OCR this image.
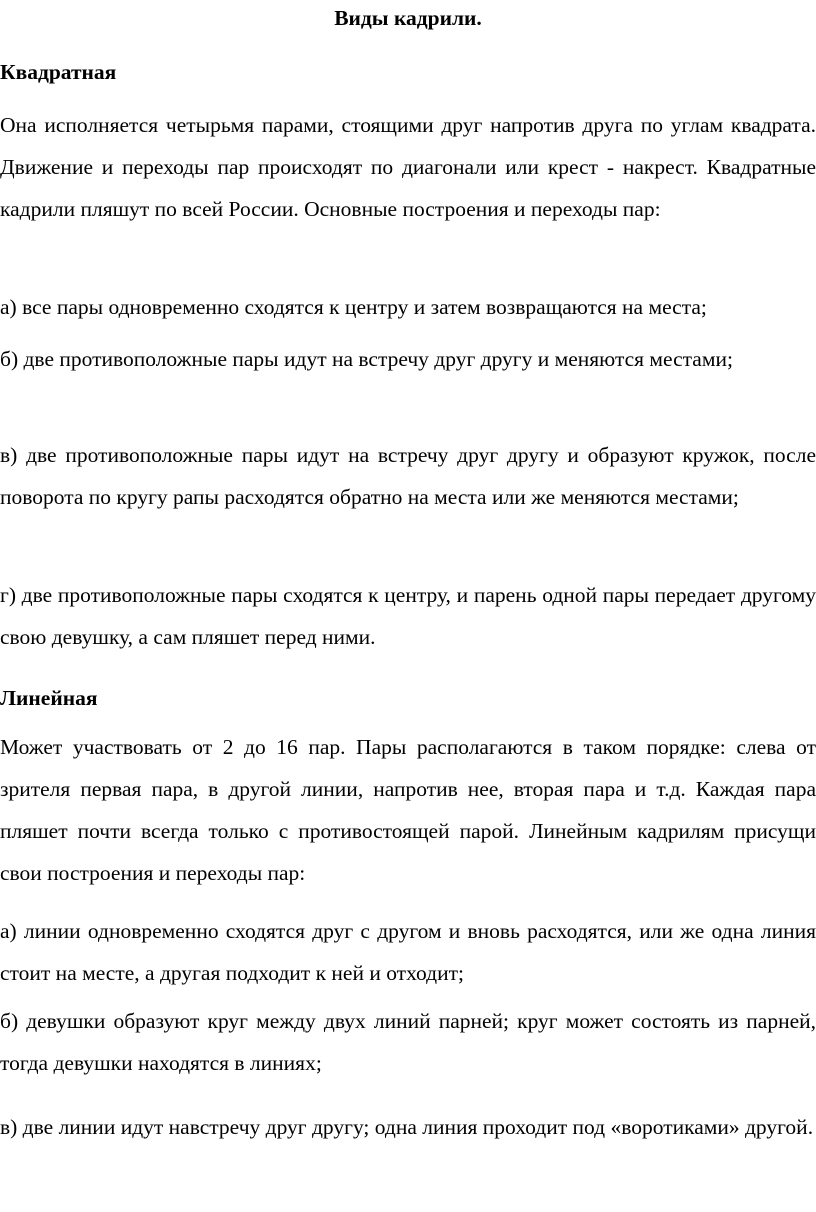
Виды кадрили.
Квадратная

Она исполняется четырьмя парами, стоящими друг напротив друга по углам квадрата. Движение и переходы пар происходят по диагонали или крест - накрест. Квадратные кадрили пляшут по всей России. Основные построения и переходы пар:

а) все пары одновременно сходятся к центру и затем возвращаются на места;

б) две противоположные пары идут на встречу друг другу и меняются местами;

в) две противоположные пары идут на встречу друг другу и образуют кружок, после поворота по кругу рапы расходятся обратно на места или же меняются местами;

г) две противоположные пары сходятся к центру, и парень одной пары передает другому свою девушку, а сам пляшет перед ними.

Линейная

Может участвовать от 2 до 16 пар. Пары располагаются в таком порядке: слева от зрителя первая пара, в другой линии, напротив нее, вторая пара и т.д. Каждая пара пляшет почти всегда только с противостоящей парой. Линейным кадрилям присущи свои построения и переходы пар:

а) линии одновременно сходятся друг с другом и вновь расходятся, или же одна линия стоит на месте, а другая подходит к ней и отходит;

б) девушки образуют круг между двух линий парней; круг может состоять из парней, тогда девушки находятся в линиях;

в) две линии идут навстречу друг другу; одна линия проходит под «воротиками» другой.
